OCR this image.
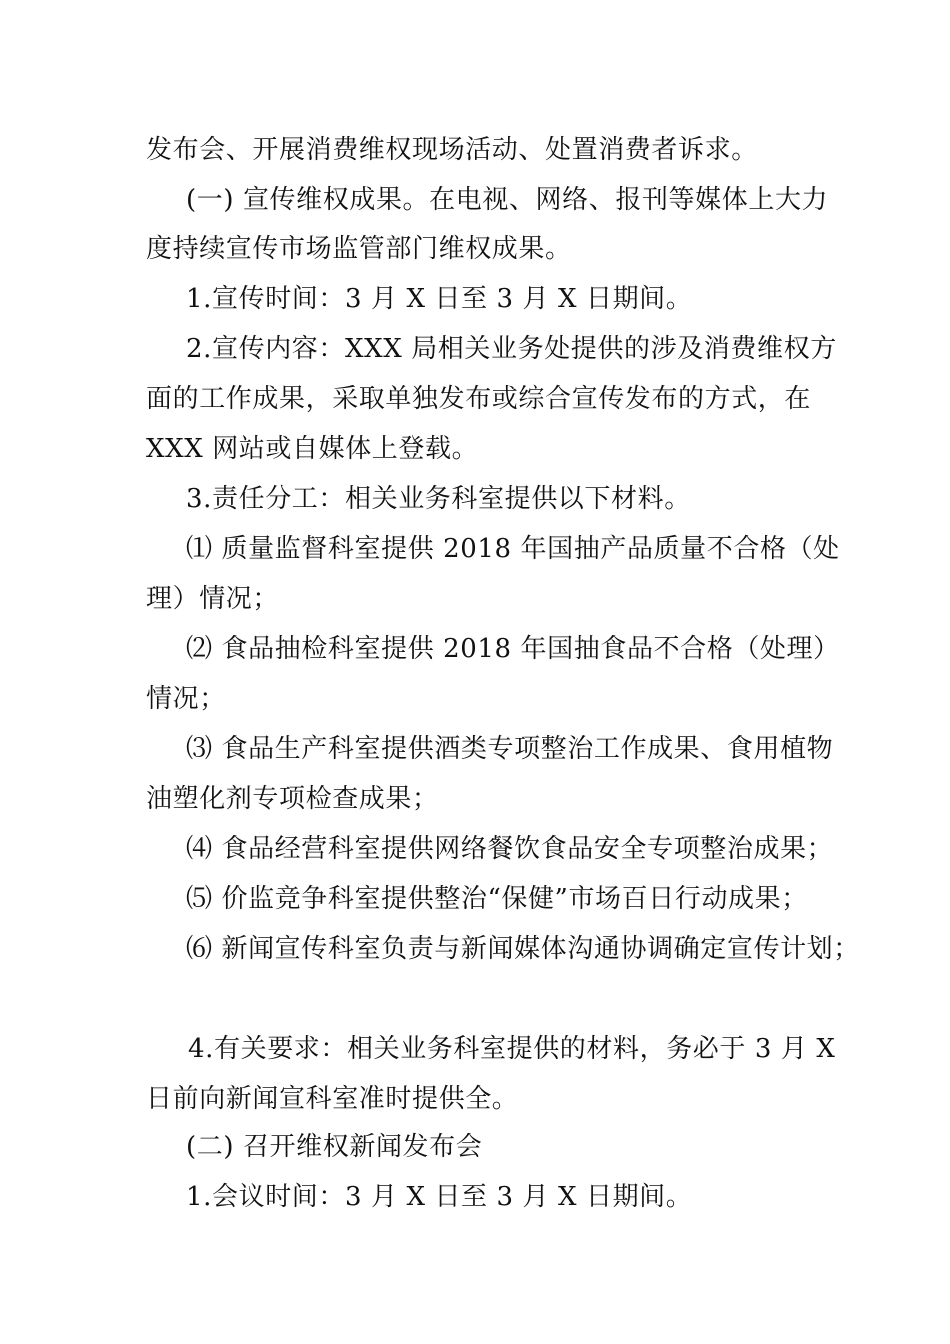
发布会、开展消费维权现场活动、处置消费者诉求。
(一) 宣传维权成果。在电视、网络、报刊等媒体上大力
度持续宣传市场监管部门维权成果。
1.宣传时间：3 月 X 日至 3 月 X 日期间。
2.宣传内容：XXX 局相关业务处提供的涉及消费维权方
面的工作成果，采取单独发布或综合宣传发布的方式，在
XXX 网站或自媒体上登载。
3.责任分工：相关业务科室提供以下材料。
⑴ 质量监督科室提供 2018 年国抽产品质量不合格（处
理）情况；
⑵ 食品抽检科室提供 2018 年国抽食品不合格（处理）
情况；
⑶ 食品生产科室提供酒类专项整治工作成果、食用植物
油塑化剂专项检查成果；
⑷ 食品经营科室提供网络餐饮食品安全专项整治成果；
⑸ 价监竞争科室提供整治“保健”市场百日行动成果；
⑹ 新闻宣传科室负责与新闻媒体沟通协调确定宣传计划；
4.有关要求：相关业务科室提供的材料，务必于 3 月 X
日前向新闻宣科室准时提供全。
(二) 召开维权新闻发布会
1.会议时间：3 月 X 日至 3 月 X 日期间。
